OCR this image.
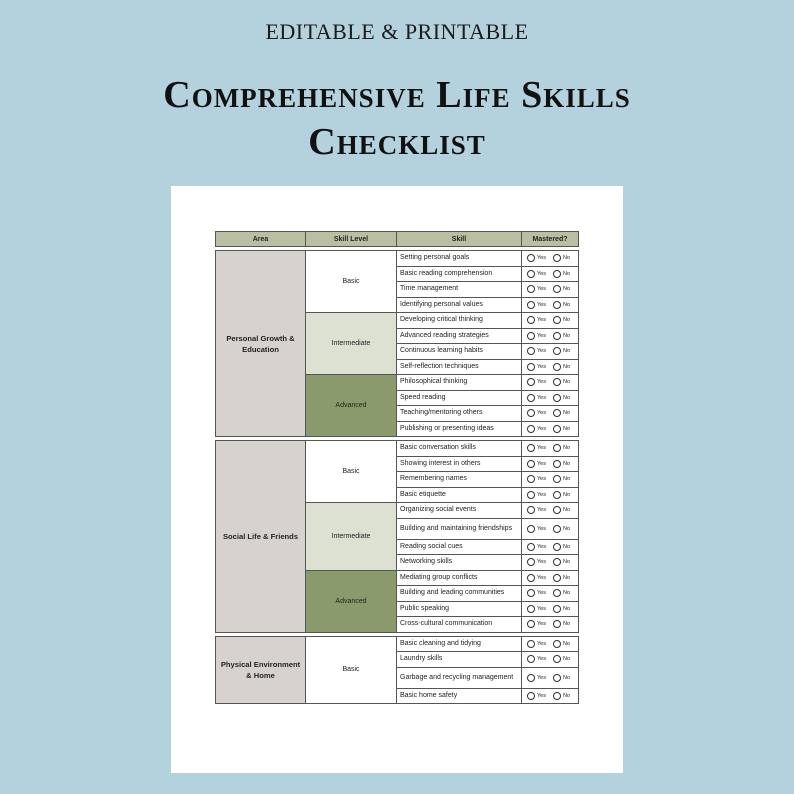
EDITABLE & PRINTABLE
Comprehensive Life Skills
Checklist
Area	Skill Level	Skill	Mastered?

Personal Growth & Education	Basic	Setting personal goals	Yes No
		Basic reading comprehension	Yes No
		Time management	Yes No
		Identifying personal values	Yes No
	Intermediate	Developing critical thinking	Yes No
		Advanced reading strategies	Yes No
		Continuous learning habits	Yes No
		Self-reflection techniques	Yes No
	Advanced	Philosophical thinking	Yes No
		Speed reading	Yes No
		Teaching/mentoring others	Yes No
		Publishing or presenting ideas	Yes No

Social Life & Friends	Basic	Basic conversation skills	Yes No
		Showing interest in others	Yes No
		Remembering names	Yes No
		Basic etiquette	Yes No
	Intermediate	Organizing social events	Yes No
		Building and maintaining friendships	Yes No
		Reading social cues	Yes No
		Networking skills	Yes No
	Advanced	Mediating group conflicts	Yes No
		Building and leading communities	Yes No
		Public speaking	Yes No
		Cross-cultural communication	Yes No

Physical Environment & Home	Basic	Basic cleaning and tidying	Yes No
		Laundry skills	Yes No
		Garbage and recycling management	Yes No
		Basic home safety	Yes No
